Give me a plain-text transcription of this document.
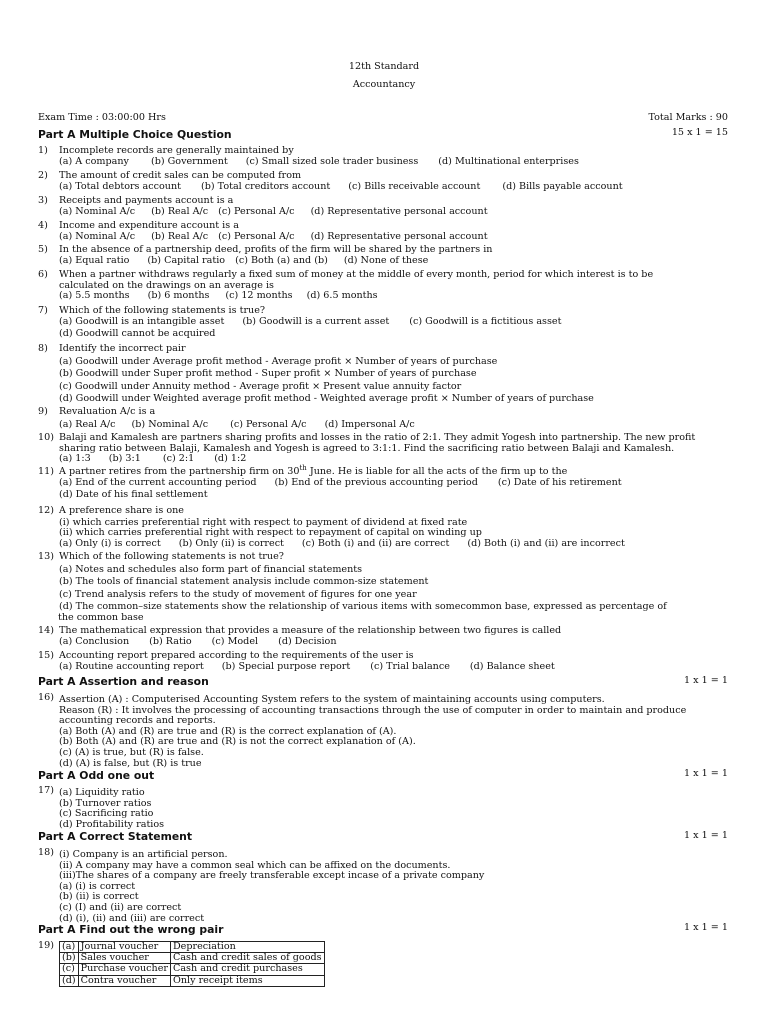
12th Standard
Accountancy
Exam Time : 03:00:00 Hrs	Total Marks : 90
Part A Multiple Choice Question	15 x 1 = 15
1)	Incomplete records are generally maintained by
(a) A company (b) Government (c) Small sized sole trader business (d) Multinational enterprises
2)	The amount of credit sales can be computed from
(a) Total debtors account (b) Total creditors account (c) Bills receivable account (d) Bills payable account
3)	Receipts and payments account is a
(a) Nominal A/c (b) Real A/c (c) Personal A/c (d) Representative personal account
4)	Income and expenditure account is a
(a) Nominal A/c (b) Real A/c (c) Personal A/c (d) Representative personal account
5)	In the absence of a partnership deed, profits of the firm will be shared by the partners in
(a) Equal ratio (b) Capital ratio (c) Both (a) and (b) (d) None of these
6)	When a partner withdraws regularly a fixed sum of money at the middle of every month, period for which interest is to be
calculated on the drawings on an average is
(a) 5.5 months (b) 6 months (c) 12 months (d) 6.5 months
7)	Which of the following statements is true?
(a) Goodwill is an intangible asset (b) Goodwill is a current asset (c) Goodwill is a fictitious asset
(d) Goodwill cannot be acquired
8)	Identify the incorrect pair
(a) Goodwill under Average profit method - Average profit × Number of years of purchase
(b) Goodwill under Super profit method - Super profit × Number of years of purchase
(c) Goodwill under Annuity method - Average profit × Present value annuity factor
(d) Goodwill under Weighted average profit method - Weighted average profit × Number of years of purchase
9)	Revaluation A/c is a
(a) Real A/c (b) Nominal A/c (c) Personal A/c (d) Impersonal A/c
10) Balaji and Kamalesh are partners sharing profits and losses in the ratio of 2:1. They admit Yogesh into partnership. The new profit
sharing ratio between Balaji, Kamalesh and Yogesh is agreed to 3:1:1. Find the sacrificing ratio between Balaji and Kamalesh.
(a) 1:3 (b) 3:1 (c) 2:1 (d) 1:2
11) A partner retires from the partnership firm on 30th June. He is liable for all the acts of the firm up to the
(a) End of the current accounting period (b) End of the previous accounting period (c) Date of his retirement
(d) Date of his final settlement
12) A preference share is one
(i) which carries preferential right with respect to payment of dividend at fixed rate
(ii) which carries preferential right with respect to repayment of capital on winding up
(a) Only (i) is correct (b) Only (ii) is correct (c) Both (i) and (ii) are correct (d) Both (i) and (ii) are incorrect
13) Which of the following statements is not true?
(a) Notes and schedules also form part of financial statements
(b) The tools of financial statement analysis include common-size statement
(c) Trend analysis refers to the study of movement of figures for one year
(d) The common–size statements show the relationship of various items with somecommon base, expressed as percentage of
the common base
14) The mathematical expression that provides a measure of the relationship between two figures is called
(a) Conclusion (b) Ratio (c) Model (d) Decision
15) Accounting report prepared according to the requirements of the user is
(a) Routine accounting report (b) Special purpose report (c) Trial balance (d) Balance sheet
Part A Assertion and reason	1 x 1 = 1
16) Assertion (A) : Computerised Accounting System refers to the system of maintaining accounts using computers.
Reason (R) : It involves the processing of accounting transactions through the use of computer in order to maintain and produce
accounting records and reports.
(a) Both (A) and (R) are true and (R) is the correct explanation of (A).
(b) Both (A) and (R) are true and (R) is not the correct explanation of (A).
(c) (A) is true, but (R) is false.
(d) (A) is false, but (R) is true
Part A Odd one out	1 x 1 = 1
17) (a) Liquidity ratio
(b) Turnover ratios
(c) Sacrificing ratio
(d) Profitability ratios
Part A Correct Statement	1 x 1 = 1
18) (i) Company is an artificial person.
(ii) A company may have a common seal which can be affixed on the documents.
(iii)The shares of a company are freely transferable except incase of a private company
(a) (i) is correct
(b) (ii) is correct
(c) (I) and (ii) are correct
(d) (i), (ii) and (iii) are correct
Part A Find out the wrong pair	1 x 1 = 1
19) (a)	Journal voucher	Depreciation
(b)	Sales voucher	Cash and credit sales of goods
(c)	Purchase voucher	Cash and credit purchases
(d)	Contra voucher	Only receipt items
